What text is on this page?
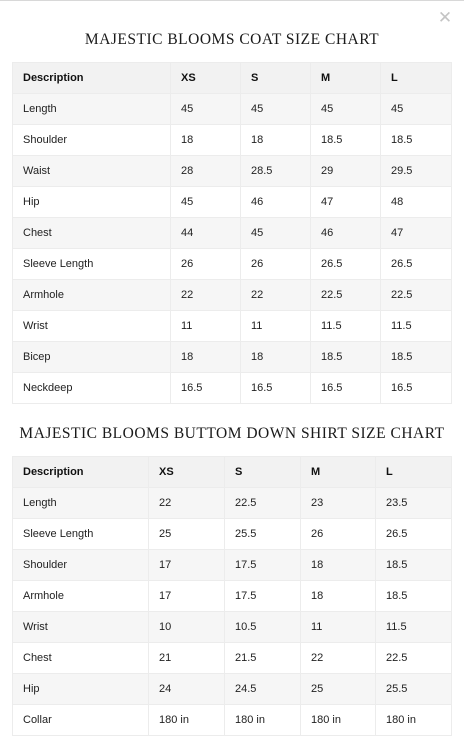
✕
MAJESTIC BLOOMS COAT SIZE CHART
Description	XS	S	M	L
Length	45	45	45	45
Shoulder	18	18	18.5	18.5
Waist	28	28.5	29	29.5
Hip	45	46	47	48
Chest	44	45	46	47
Sleeve Length	26	26	26.5	26.5
Armhole	22	22	22.5	22.5
Wrist	11	11	11.5	11.5
Bicep	18	18	18.5	18.5
Neckdeep	16.5	16.5	16.5	16.5
MAJESTIC BLOOMS BUTTOM DOWN SHIRT SIZE CHART
Description	XS	S	M	L
Length	22	22.5	23	23.5
Sleeve Length	25	25.5	26	26.5
Shoulder	17	17.5	18	18.5
Armhole	17	17.5	18	18.5
Wrist	10	10.5	11	11.5
Chest	21	21.5	22	22.5
Hip	24	24.5	25	25.5
Collar	180 in	180 in	180 in	180 in
